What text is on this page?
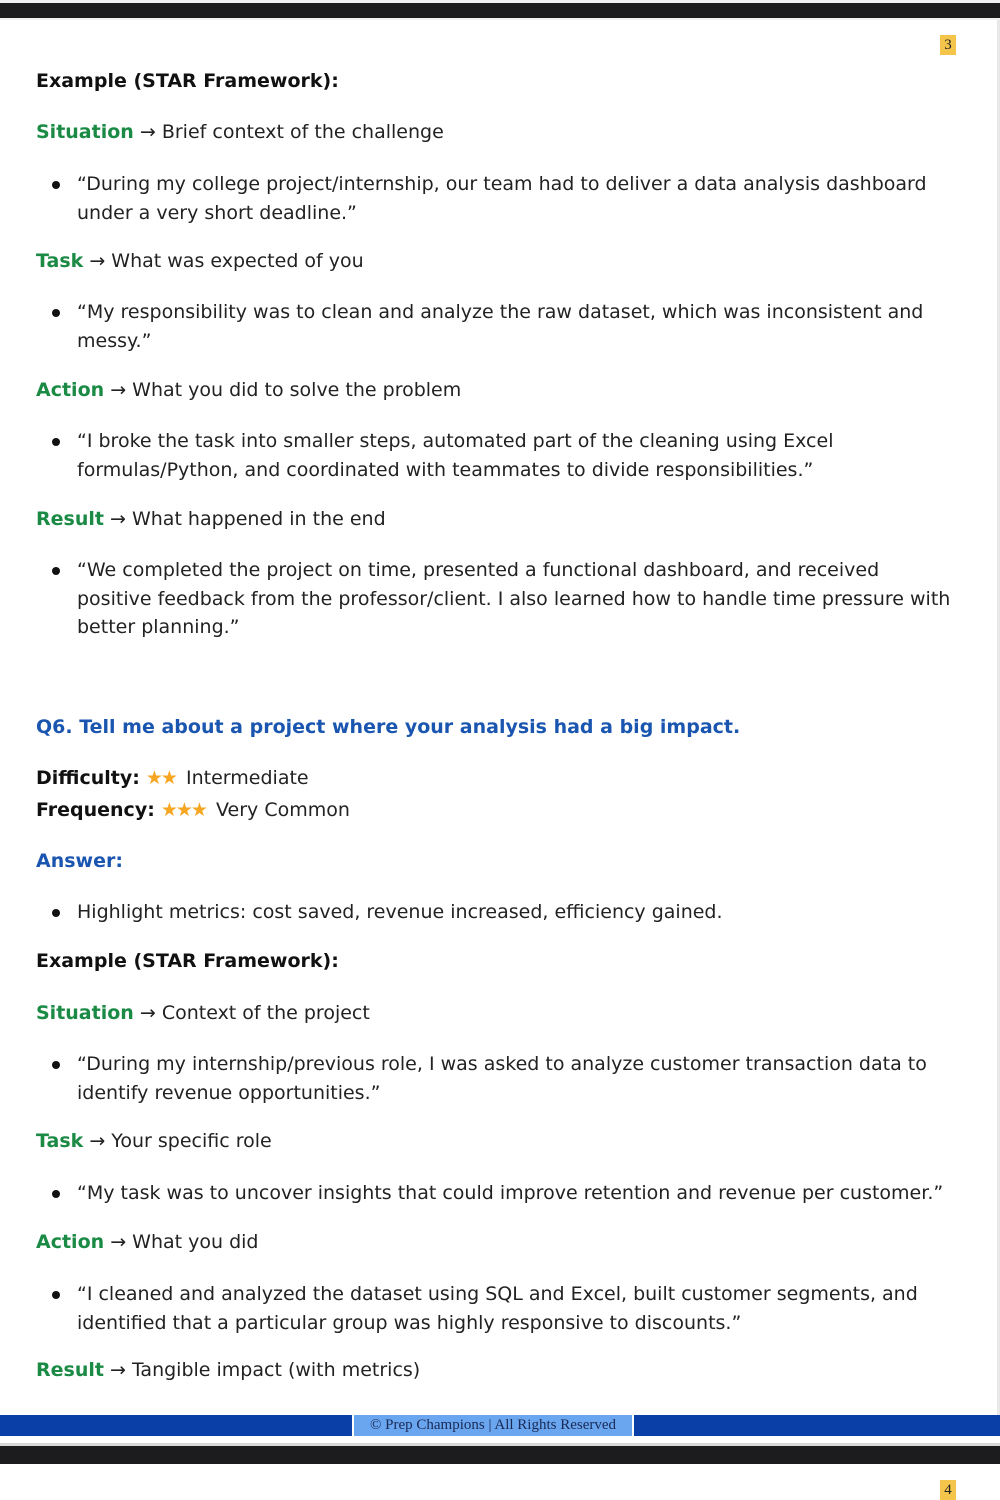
3
Example (STAR Framework):
Situation → Brief context of the challenge
“During my college project/internship, our team had to deliver a data analysis dashboard under a very short deadline.”
Task → What was expected of you
“My responsibility was to clean and analyze the raw dataset, which was inconsistent and messy.”
Action → What you did to solve the problem
“I broke the task into smaller steps, automated part of the cleaning using Excel formulas/Python, and coordinated with teammates to divide responsibilities.”
Result → What happened in the end
“We completed the project on time, presented a functional dashboard, and received positive feedback from the professor/client. I also learned how to handle time pressure with better planning.”
Q6. Tell me about a project where your analysis had a big impact.
Difficulty: ★★ Intermediate
Frequency: ★★★ Very Common
Answer:
Highlight metrics: cost saved, revenue increased, efficiency gained.
Example (STAR Framework):
Situation → Context of the project
“During my internship/previous role, I was asked to analyze customer transaction data to identify revenue opportunities.”
Task → Your specific role
“My task was to uncover insights that could improve retention and revenue per customer.”
Action → What you did
“I cleaned and analyzed the dataset using SQL and Excel, built customer segments, and identified that a particular group was highly responsive to discounts.”
Result → Tangible impact (with metrics)
© Prep Champions | All Rights Reserved
4
